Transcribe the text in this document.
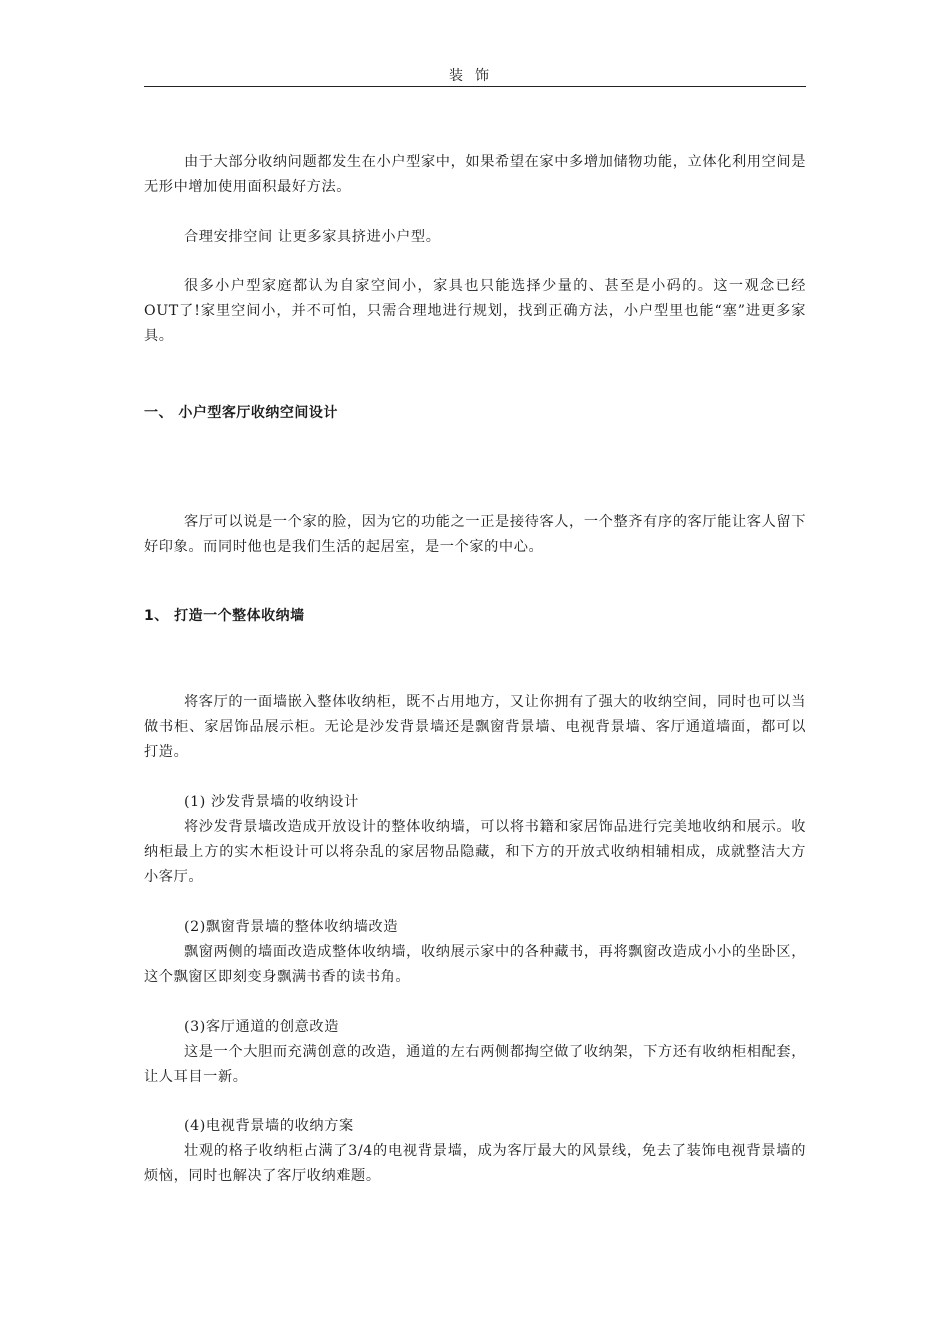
装饰

由于大部分收纳问题都发生在小户型家中，如果希望在家中多增加储物功能，立体化利用空间是无形中增加使用面积最好方法。

合理安排空间 让更多家具挤进小户型。

很多小户型家庭都认为自家空间小，家具也只能选择少量的、甚至是小码的。这一观念已经OUT了!家里空间小，并不可怕，只需合理地进行规划，找到正确方法，小户型里也能“塞”进更多家具。

一、 小户型客厅收纳空间设计

客厅可以说是一个家的脸，因为它的功能之一正是接待客人，一个整齐有序的客厅能让客人留下好印象。而同时他也是我们生活的起居室，是一个家的中心。

1、 打造一个整体收纳墙

将客厅的一面墙嵌入整体收纳柜，既不占用地方，又让你拥有了强大的收纳空间，同时也可以当做书柜、家居饰品展示柜。无论是沙发背景墙还是飘窗背景墙、电视背景墙、客厅通道墙面，都可以打造。

(1) 沙发背景墙的收纳设计
将沙发背景墙改造成开放设计的整体收纳墙，可以将书籍和家居饰品进行完美地收纳和展示。收纳柜最上方的实木柜设计可以将杂乱的家居物品隐藏，和下方的开放式收纳相辅相成，成就整洁大方小客厅。
(2)飘窗背景墙的整体收纳墙改造
飘窗两侧的墙面改造成整体收纳墙，收纳展示家中的各种藏书，再将飘窗改造成小小的坐卧区，这个飘窗区即刻变身飘满书香的读书角。
(3)客厅通道的创意改造
这是一个大胆而充满创意的改造，通道的左右两侧都掏空做了收纳架，下方还有收纳柜相配套，让人耳目一新。
(4)电视背景墙的收纳方案
壮观的格子收纳柜占满了3/4的电视背景墙，成为客厅最大的风景线，免去了装饰电视背景墙的烦恼，同时也解决了客厅收纳难题。
